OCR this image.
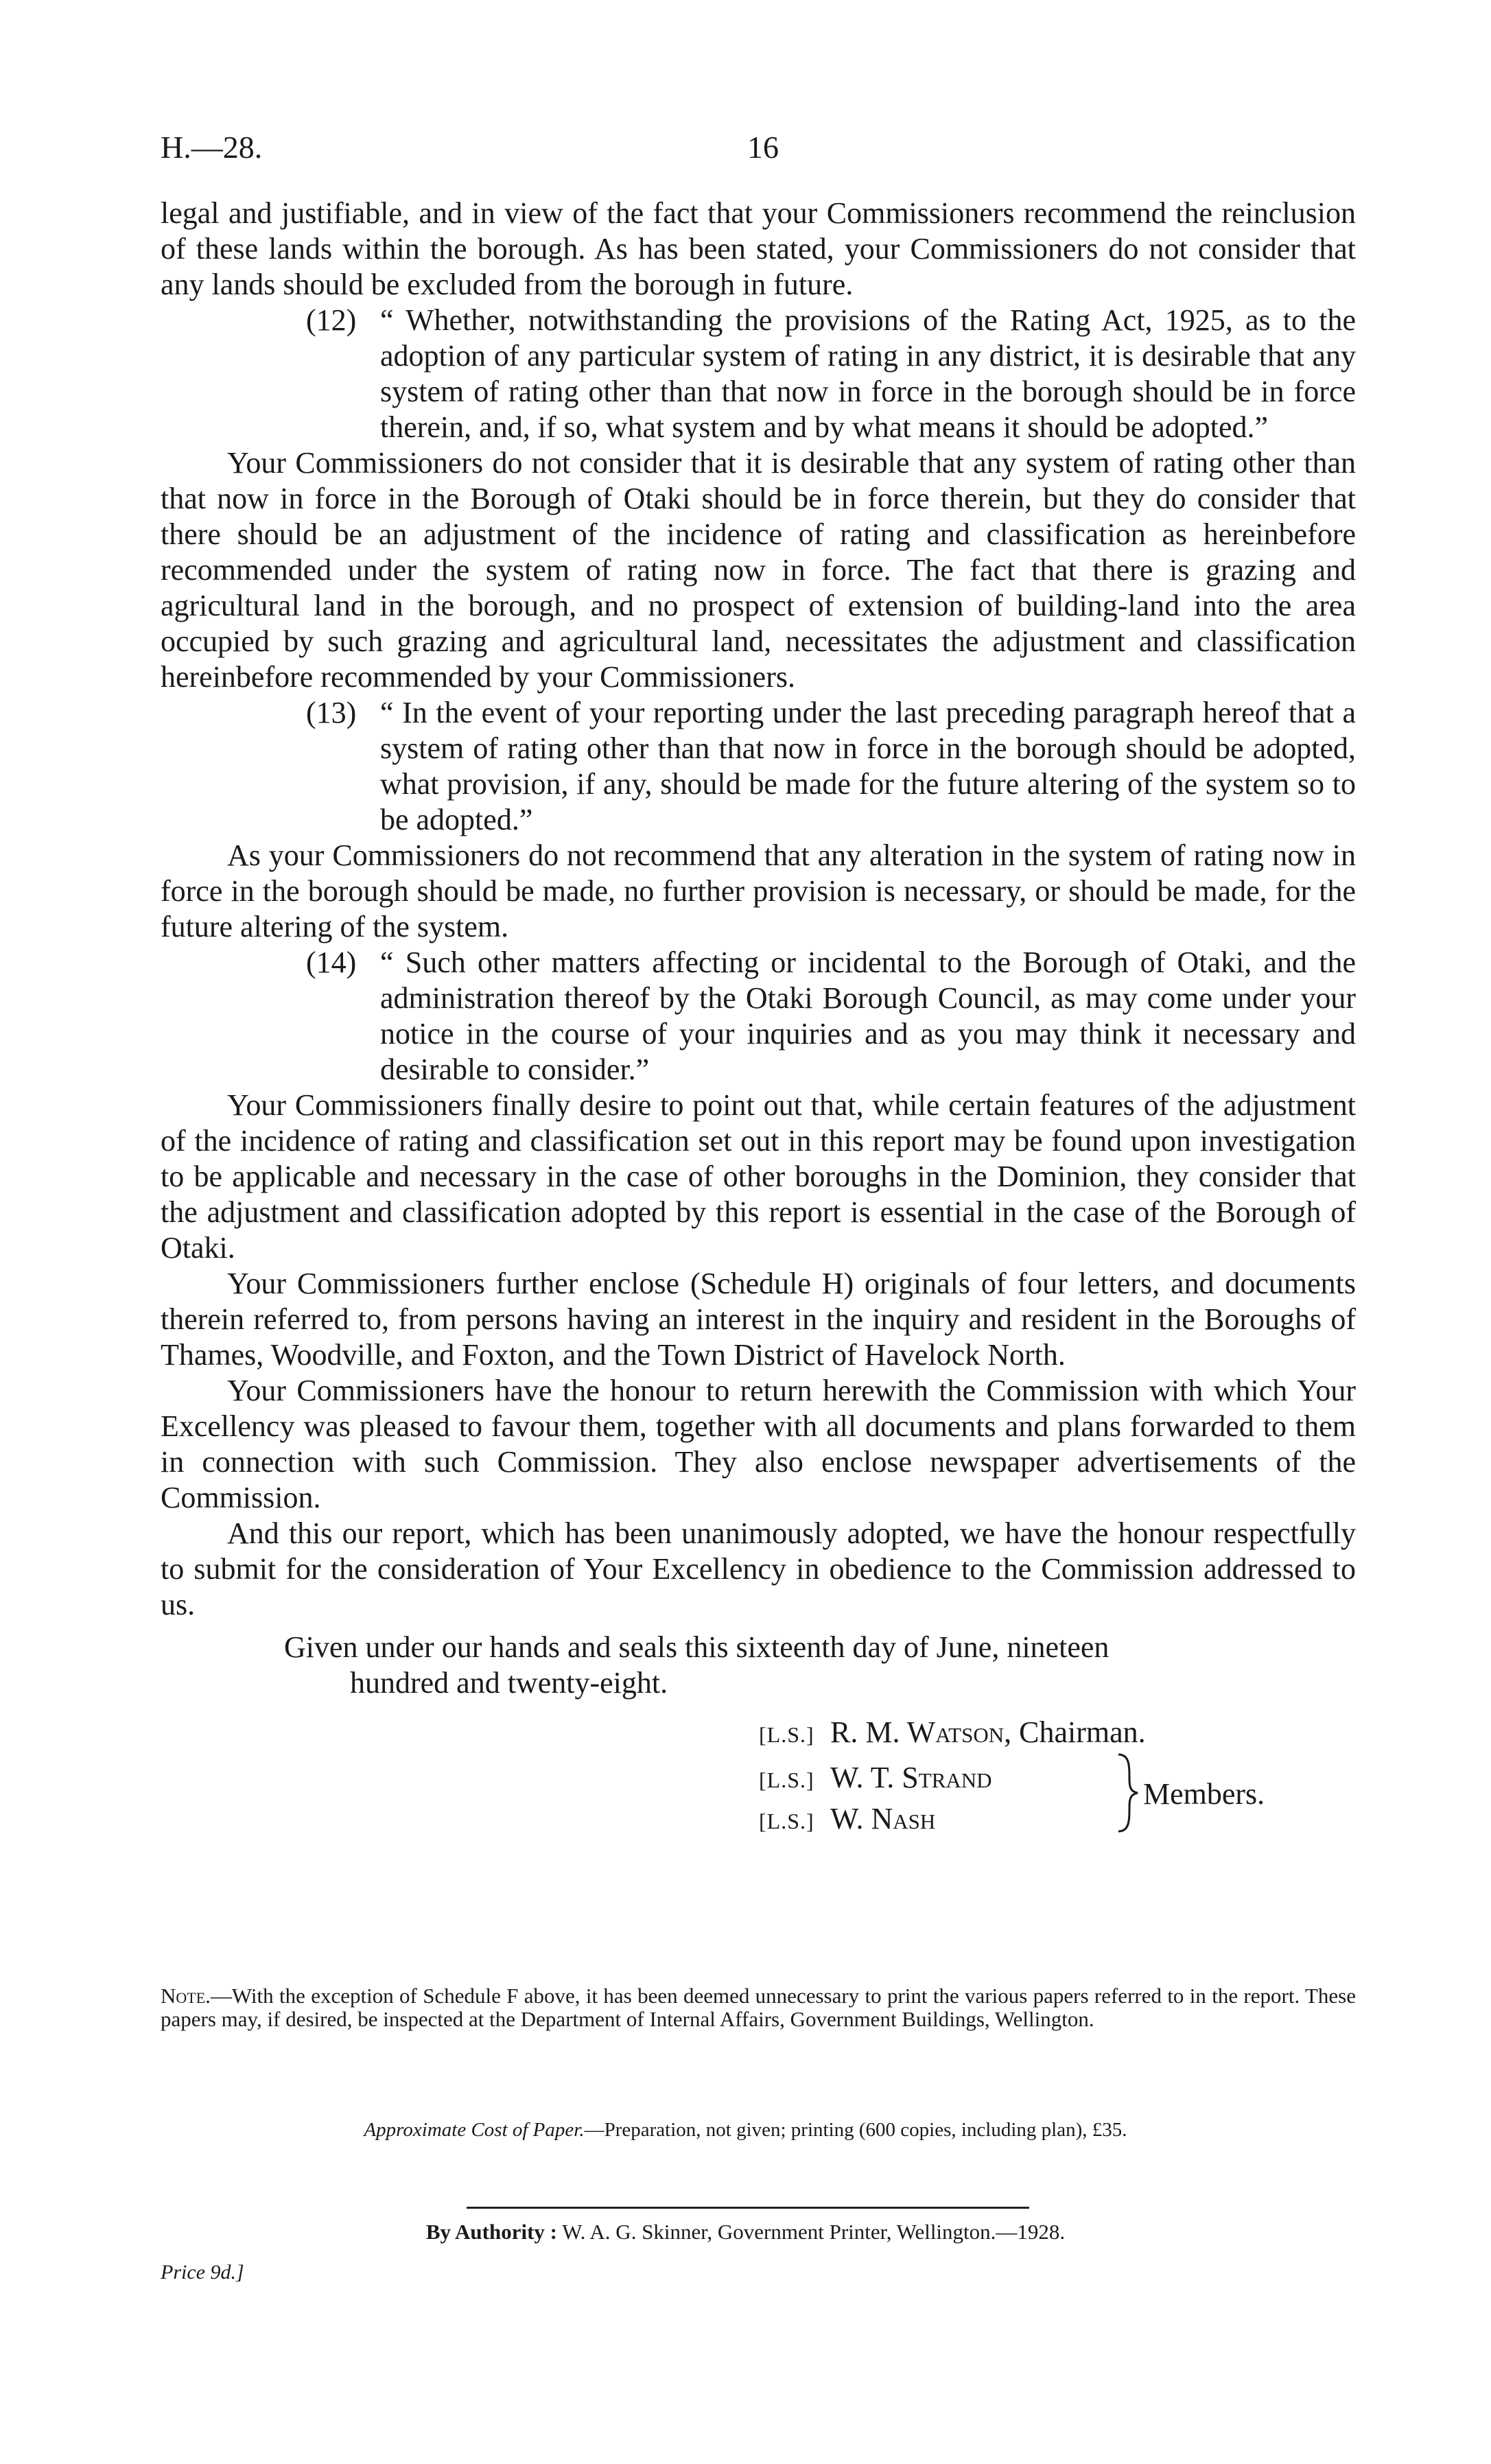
H.—28.	16

legal and justifiable, and in view of the fact that your Commissioners recommend the reinclusion of these lands within the borough. As has been stated, your Commissioners do not consider that any lands should be excluded from the borough in future.

(12) “ Whether, notwithstanding the provisions of the Rating Act, 1925, as to the adoption of any particular system of rating in any district, it is desirable that any system of rating other than that now in force in the borough should be in force therein, and, if so, what system and by what means it should be adopted.”

Your Commissioners do not consider that it is desirable that any system of rating other than that now in force in the Borough of Otaki should be in force therein, but they do consider that there should be an adjustment of the incidence of rating and classification as hereinbefore recommended under the system of rating now in force. The fact that there is grazing and agricultural land in the borough, and no prospect of extension of building-land into the area occupied by such grazing and agricultural land, necessitates the adjustment and classification hereinbefore recommended by your Commissioners.

(13) “ In the event of your reporting under the last preceding paragraph hereof that a system of rating other than that now in force in the borough should be adopted, what provision, if any, should be made for the future altering of the system so to be adopted.”

As your Commissioners do not recommend that any alteration in the system of rating now in force in the borough should be made, no further provision is necessary, or should be made, for the future altering of the system.

(14) “ Such other matters affecting or incidental to the Borough of Otaki, and the administration thereof by the Otaki Borough Council, as may come under your notice in the course of your inquiries and as you may think it necessary and desirable to consider.”

Your Commissioners finally desire to point out that, while certain features of the adjustment of the incidence of rating and classification set out in this report may be found upon investigation to be applicable and necessary in the case of other boroughs in the Dominion, they consider that the adjustment and classification adopted by this report is essential in the case of the Borough of Otaki.

Your Commissioners further enclose (Schedule H) originals of four letters, and documents therein referred to, from persons having an interest in the inquiry and resident in the Boroughs of Thames, Woodville, and Foxton, and the Town District of Havelock North.

Your Commissioners have the honour to return herewith the Commission with which Your Excellency was pleased to favour them, together with all documents and plans forwarded to them in connection with such Commission. They also enclose newspaper advertisements of the Commission.

And this our report, which has been unanimously adopted, we have the honour respectfully to submit for the consideration of Your Excellency in obedience to the Commission addressed to us.

Given under our hands and seals this sixteenth day of June, nineteen
hundred and twenty-eight.
[L.S.] R. M. Watson, Chairman.
[L.S.] W. T. Strand
[L.S.] W. Nash
Members.
Note.—With the exception of Schedule F above, it has been deemed unnecessary to print the various papers referred to in the report. These papers may, if desired, be inspected at the Department of Internal Affairs, Government Buildings, Wellington.
Approximate Cost of Paper.—Preparation, not given; printing (600 copies, including plan), £35.
By Authority : W. A. G. Skinner, Government Printer, Wellington.—1928.
Price 9d.]
